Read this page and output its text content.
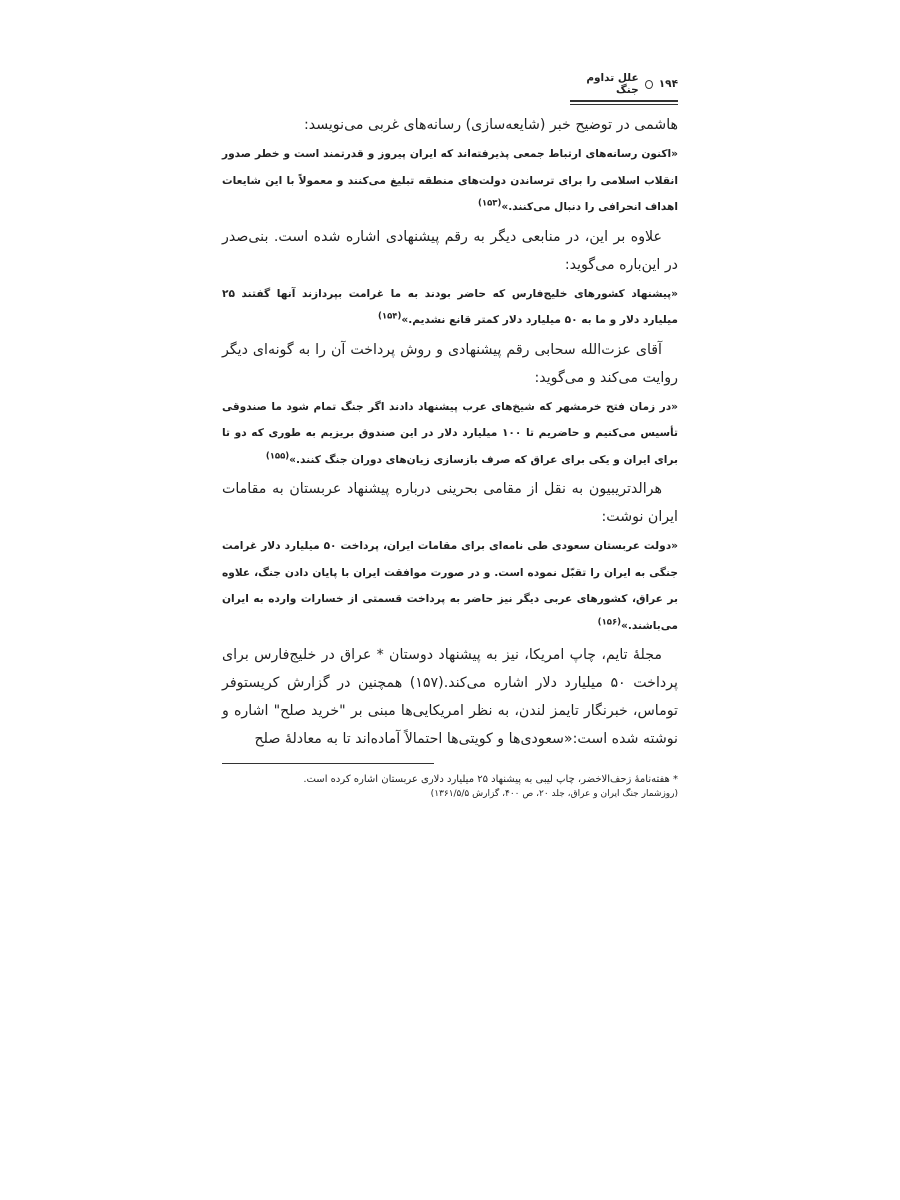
۱۹۴
علل تداوم جنگ

هاشمی در توضیح خبر (شایعه‌سازی) رسانه‌های غربی می‌نویسد:

«اکنون رسانه‌های ارتباط جمعی پذیرفته‌اند که ایران پیروز و قدرتمند است و خطر صدور انقلاب اسلامی را برای ترساندن دولت‌های منطقه تبلیغ می‌کنند و معمولاً با این شایعات اهداف انحرافی را دنبال می‌کنند.»$^{(۱۵۳)}$

علاوه بر این، در منابعی دیگر به رقم پیشنهادی اشاره شده است. بنی‌صدر در این‌باره می‌گوید:

«پیشنهاد کشورهای خلیج‌فارس که حاضر بودند به ما غرامت بپردازند آنها گفتند ۲۵ میلیارد دلار و ما به ۵۰ میلیارد دلار کمتر قانع نشدیم.»$^{(۱۵۴)}$

آقای عزت‌الله سحابی رقم پیشنهادی و روش پرداخت آن را به گونه‌ای دیگر روایت می‌کند و می‌گوید:

«در زمان فتح خرمشهر که شیخ‌های عرب پیشنهاد دادند اگر جنگ تمام شود ما صندوقی تأسیس می‌کنیم و حاضریم تا ۱۰۰ میلیارد دلار در این صندوق بریزیم به طوری که دو تا برای ایران و یکی برای عراق که صرف بازسازی زیان‌های دوران جنگ کنند.»$^{(۱۵۵)}$

هرالدتریبیون به نقل از مقامی بحرینی درباره پیشنهاد عربستان به مقامات ایران نوشت:

«دولت عربستان سعودی طی نامه‌ای برای مقامات ایران، پرداخت ۵۰ میلیارد دلار غرامت جنگی به ایران را تقبّل نموده است. و در صورت موافقت ایران با پایان دادن جنگ، علاوه بر عراق، کشورهای عربی دیگر نیز حاضر به پرداخت قسمتی از خسارات وارده به ایران می‌باشند.»$^{(۱۵۶)}$

مجلهٔ تایم، چاپ امریکا، نیز به پیشنهاد دوستان * عراق در خلیج‌فارس برای پرداخت ۵۰ میلیارد دلار اشاره می‌کند.(۱۵۷) همچنین در گزارش کریستوفر توماس، خبرنگار تایمز لندن، به نظر امریکایی‌ها مبنی بر "خرید صلح" اشاره و نوشته شده است:«سعودی‌ها و کویتی‌ها احتمالاً آماده‌اند تا به معادلهٔ صلح

* هفته‌نامهٔ زحف‌الاخضر، چاپ لیبی به پیشنهاد ۲۵ میلیارد دلاری عربستان اشاره کرده است.

(روزشمار جنگ ایران و عراق، جلد ۲۰، ص ۴۰۰، گزارش ۱۳۶۱/۵/۵)
